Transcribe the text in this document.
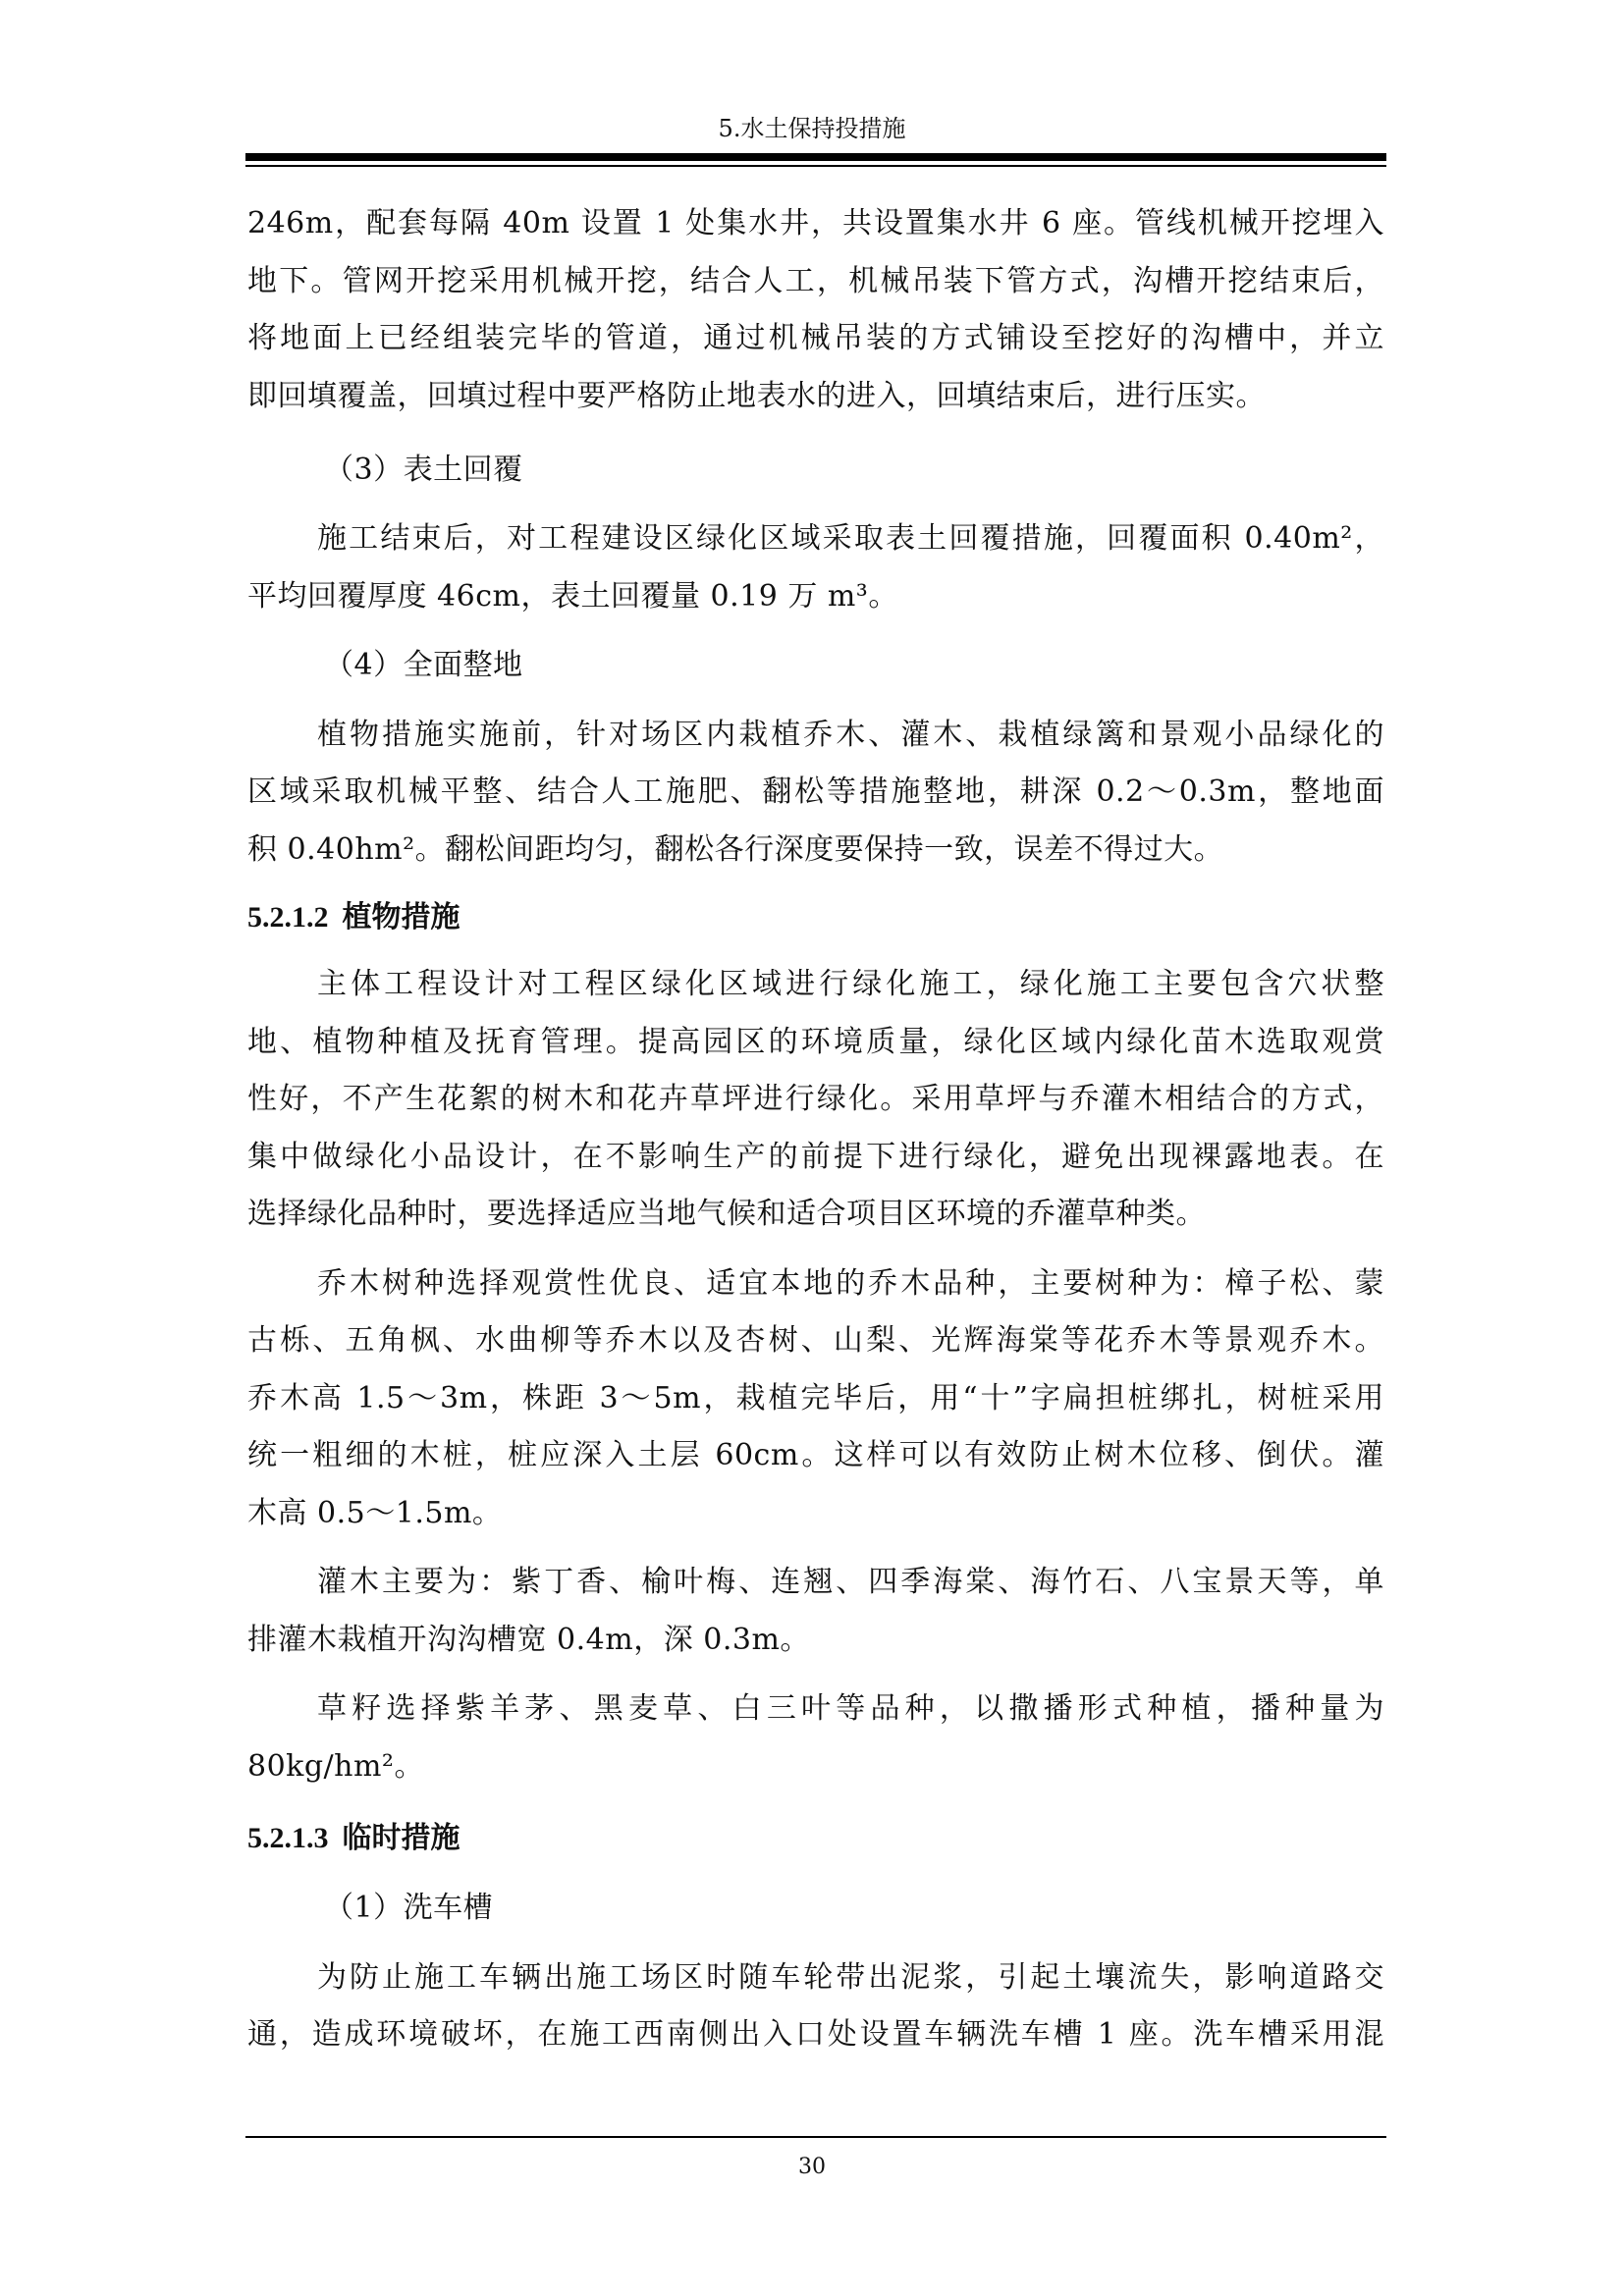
5.水土保持投措施
246m，配套每隔 40m 设置 1 处集水井，共设置集水井 6 座。管线机械开挖埋入
地下。管网开挖采用机械开挖，结合人工，机械吊装下管方式，沟槽开挖结束后，
将地面上已经组装完毕的管道，通过机械吊装的方式铺设至挖好的沟槽中，并立
即回填覆盖，回填过程中要严格防止地表水的进入，回填结束后，进行压实。
（3）表土回覆
施工结束后，对工程建设区绿化区域采取表土回覆措施，回覆面积 0.40m²，
平均回覆厚度 46cm，表土回覆量 0.19 万 m³。
（4）全面整地
植物措施实施前，针对场区内栽植乔木、灌木、栽植绿篱和景观小品绿化的
区域采取机械平整、结合人工施肥、翻松等措施整地，耕深 0.2～0.3m，整地面
积 0.40hm²。翻松间距均匀，翻松各行深度要保持一致，误差不得过大。
5.2.1.2 植物措施
主体工程设计对工程区绿化区域进行绿化施工，绿化施工主要包含穴状整
地、植物种植及抚育管理。提高园区的环境质量，绿化区域内绿化苗木选取观赏
性好，不产生花絮的树木和花卉草坪进行绿化。采用草坪与乔灌木相结合的方式，
集中做绿化小品设计，在不影响生产的前提下进行绿化，避免出现裸露地表。在
选择绿化品种时，要选择适应当地气候和适合项目区环境的乔灌草种类。
乔木树种选择观赏性优良、适宜本地的乔木品种，主要树种为：樟子松、蒙
古栎、五角枫、水曲柳等乔木以及杏树、山梨、光辉海棠等花乔木等景观乔木。
乔木高 1.5～3m，株距 3～5m，栽植完毕后，用“十”字扁担桩绑扎，树桩采用
统一粗细的木桩，桩应深入土层 60cm。这样可以有效防止树木位移、倒伏。灌
木高 0.5～1.5m。
灌木主要为：紫丁香、榆叶梅、连翘、四季海棠、海竹石、八宝景天等，单
排灌木栽植开沟沟槽宽 0.4m，深 0.3m。
草籽选择紫羊茅、黑麦草、白三叶等品种，以撒播形式种植，播种量为
80kg/hm²。
5.2.1.3 临时措施
（1）洗车槽
为防止施工车辆出施工场区时随车轮带出泥浆，引起土壤流失，影响道路交
通，造成环境破坏，在施工西南侧出入口处设置车辆洗车槽 1 座。洗车槽采用混
30
